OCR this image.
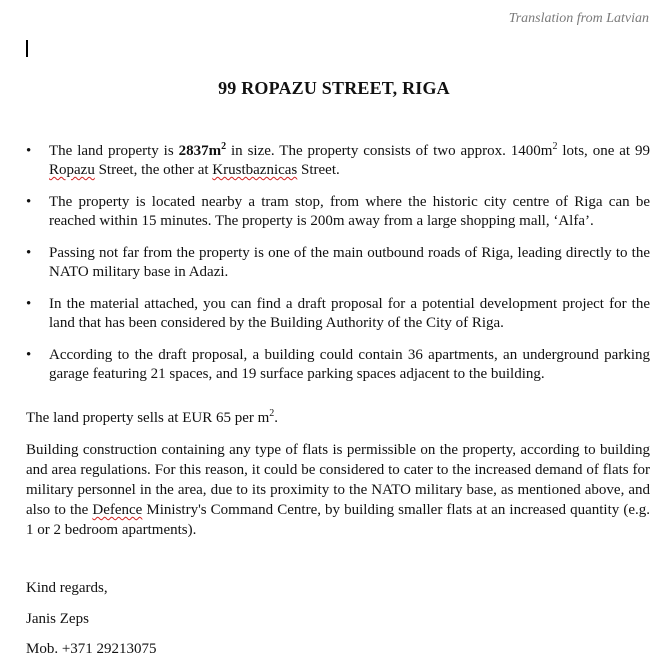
Translation from Latvian
99 ROPAZU STREET, RIGA
• The land property is $2837m^2$ in size. The property consists of two approx. $1400m^2$ lots, one at 99 Ropazu Street, the other at Krustbaznicas Street.
• The property is located nearby a tram stop, from where the historic city centre of Riga can be reached within 15 minutes. The property is 200m away from a large shopping mall, ‘Alfa’.
• Passing not far from the property is one of the main outbound roads of Riga, leading directly to the NATO military base in Adazi.
• In the material attached, you can find a draft proposal for a potential development project for the land that has been considered by the Building Authority of the City of Riga.
• According to the draft proposal, a building could contain 36 apartments, an underground parking garage featuring 21 spaces, and 19 surface parking spaces adjacent to the building.

The land property sells at EUR 65 per $m^2$.

Building construction containing any type of flats is permissible on the property, according to building and area regulations. For this reason, it could be considered to cater to the increased demand of flats for military personnel in the area, due to its proximity to the NATO military base, as mentioned above, and also to the Defence Ministry's Command Centre, by building smaller flats at an increased quantity (e.g. 1 or 2 bedroom apartments).

Kind regards,
Janis Zeps
Mob. +371 29213075
